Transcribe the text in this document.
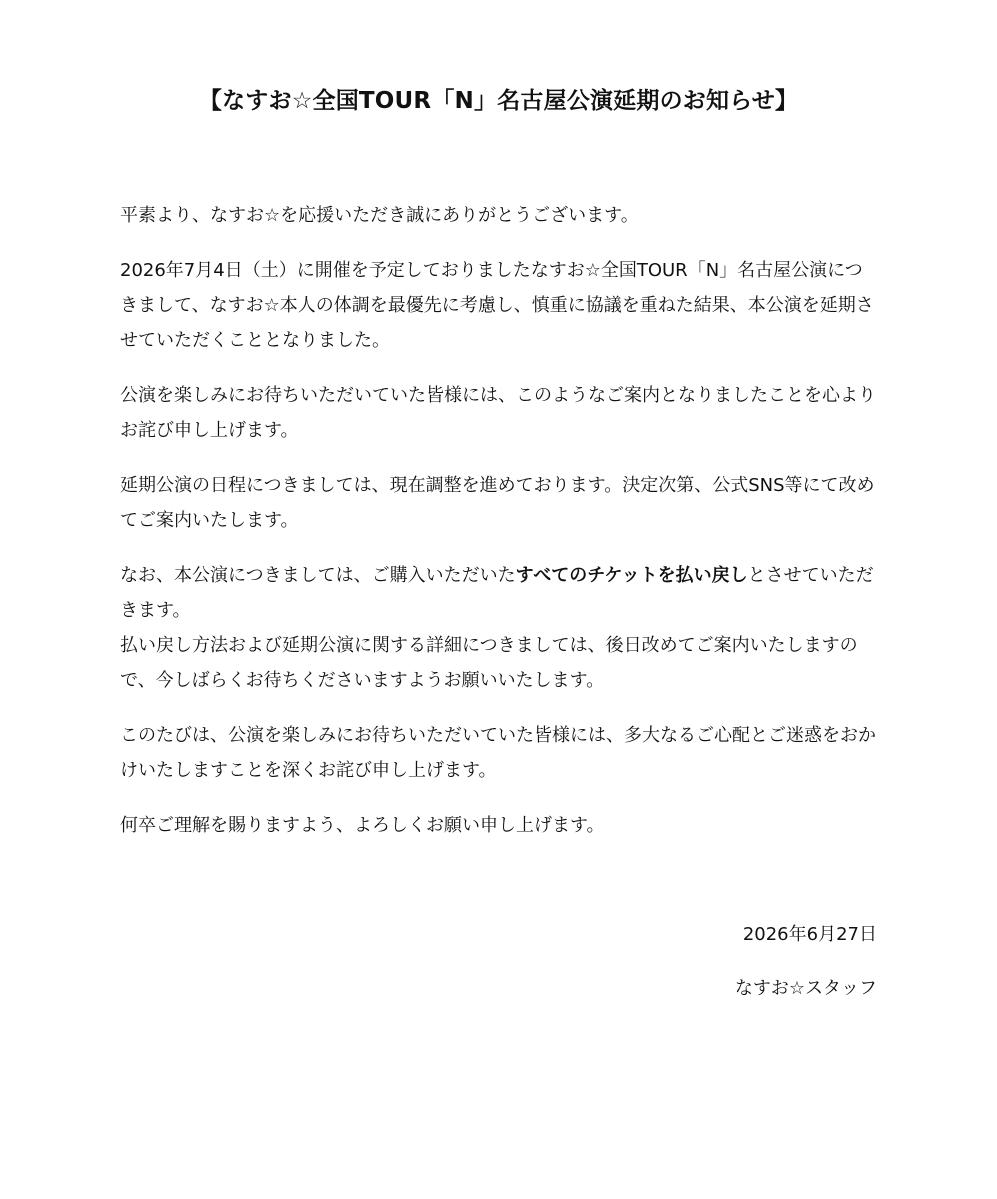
【なすお☆全国TOUR「N」名古屋公演延期のお知らせ】

平素より、なすお☆を応援いただき誠にありがとうございます。

2026年7月4日（土）に開催を予定しておりましたなすお☆全国TOUR「N」名古屋公演につきまして、なすお☆本人の体調を最優先に考慮し、慎重に協議を重ねた結果、本公演を延期させていただくこととなりました。

公演を楽しみにお待ちいただいていた皆様には、このようなご案内となりましたことを心よりお詫び申し上げます。

延期公演の日程につきましては、現在調整を進めております。決定次第、公式SNS等にて改めてご案内いたします。

なお、本公演につきましては、ご購入いただいたすべてのチケットを払い戻しとさせていただきます。

払い戻し方法および延期公演に関する詳細につきましては、後日改めてご案内いたしますので、今しばらくお待ちくださいますようお願いいたします。

このたびは、公演を楽しみにお待ちいただいていた皆様には、多大なるご心配とご迷惑をおかけいたしますことを深くお詫び申し上げます。

何卒ご理解を賜りますよう、よろしくお願い申し上げます。

2026年6月27日

なすお☆スタッフ
